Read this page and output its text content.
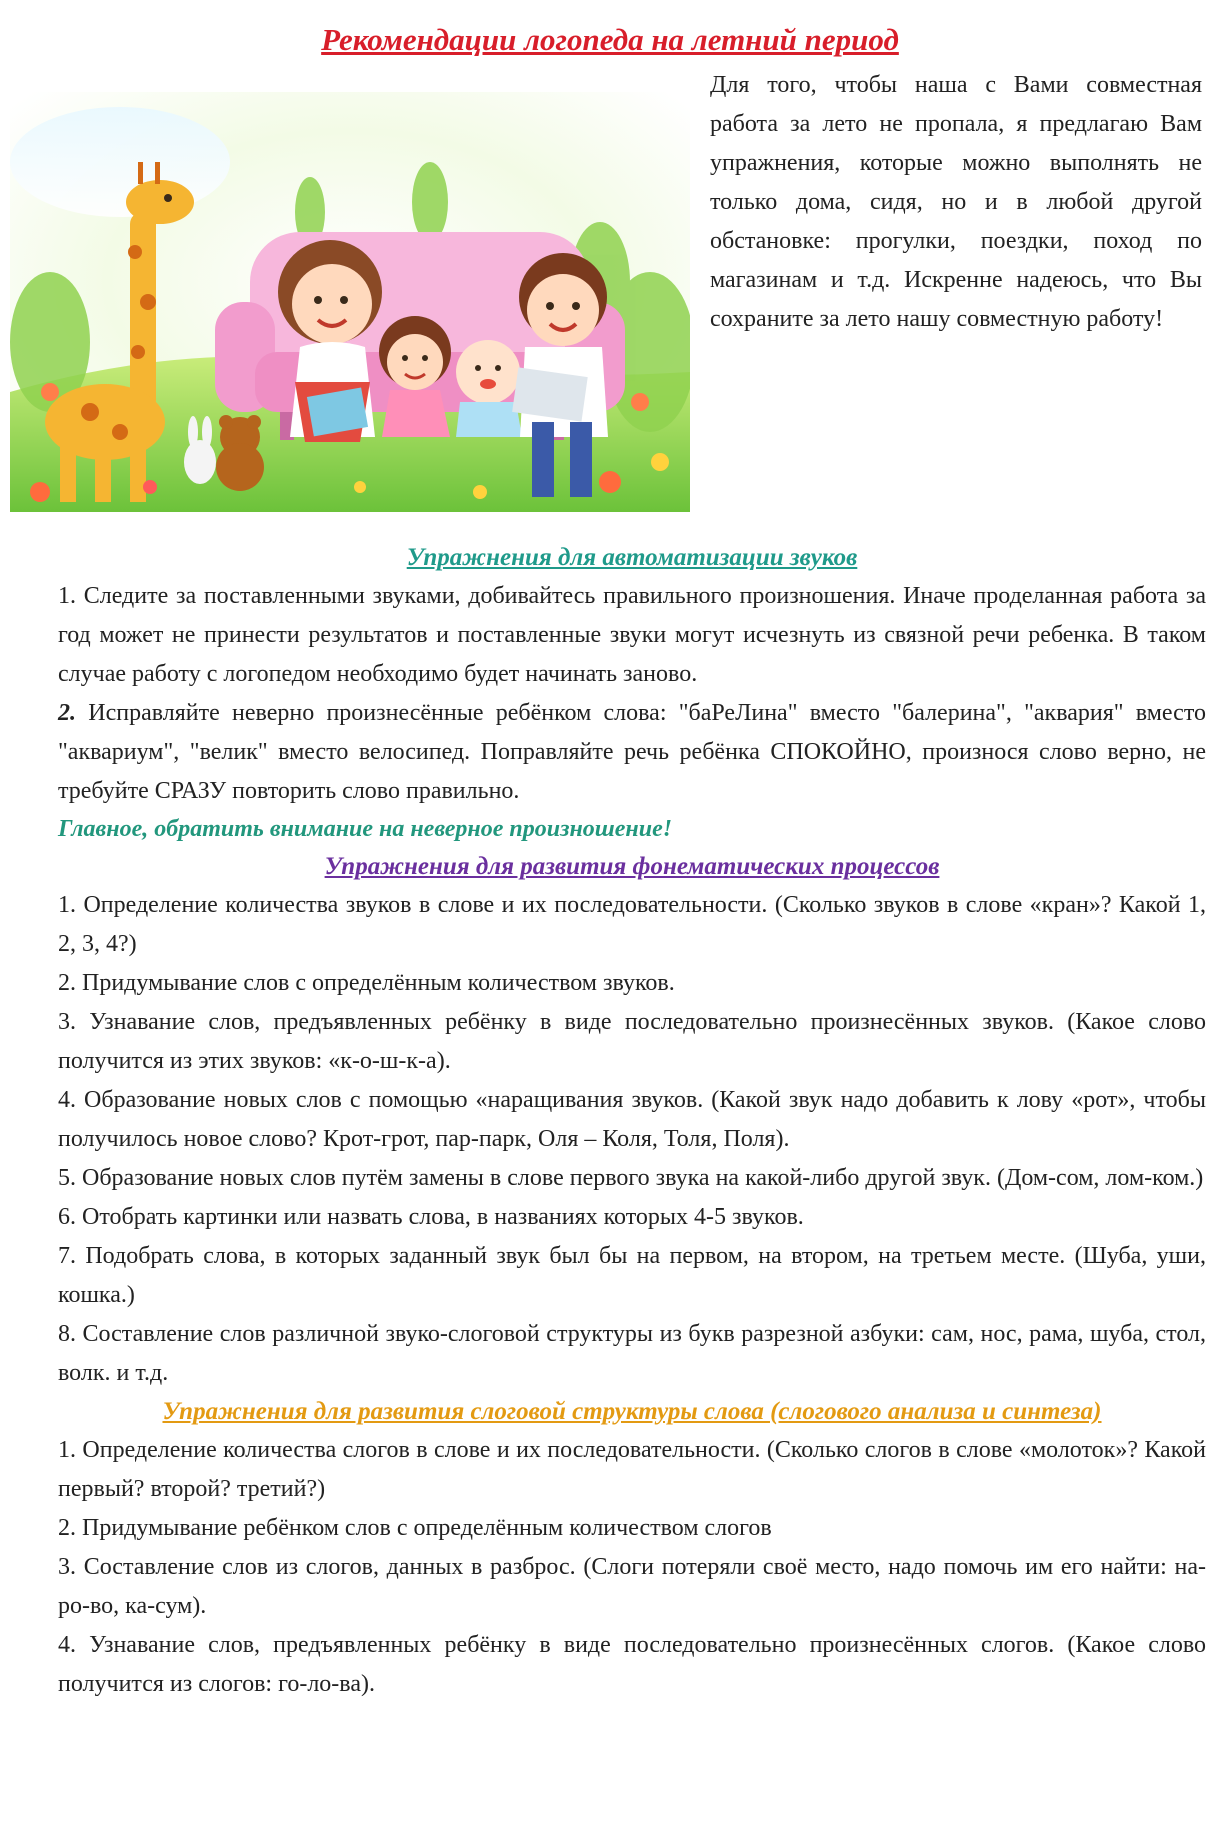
Рекомендации логопеда на летний период

Для того, чтобы наша с Вами совместная работа за лето не пропала, я предлагаю Вам упражнения, которые можно выполнять не только дома, сидя, но и в любой другой обстановке: прогулки, поездки, поход по магазинам и т.д. Искренне надеюсь, что Вы сохраните за лето нашу совместную работу!

Упражнения для автоматизации звуков

1. Следите за поставленными звуками, добивайтесь правильного произношения. Иначе проделанная работа за год может не принести результатов и поставленные звуки могут исчезнуть из связной речи ребенка. В таком случае работу с логопедом необходимо будет начинать заново.

2. Исправляйте неверно произнесённые ребёнком слова: "баРеЛина" вместо "балерина", "аквария" вместо "аквариум", "велик" вместо велосипед. Поправляйте речь ребёнка СПОКОЙНО, произнося слово верно, не требуйте СРАЗУ повторить слово правильно.

Главное, обратить внимание на неверное произношение!

Упражнения для развития фонематических процессов

1. Определение количества звуков в слове и их последовательности. (Сколько звуков в слове «кран»? Какой 1, 2, 3, 4?)

2. Придумывание слов с определённым количеством звуков.

3. Узнавание слов, предъявленных ребёнку в виде последовательно произнесённых звуков. (Какое слово получится из этих звуков: «к-о-ш-к-а).

4. Образование новых слов с помощью «наращивания звуков. (Какой звук надо добавить к лову «рот», чтобы получилось новое слово? Крот-грот, пар-парк, Оля – Коля, Толя, Поля).

5. Образование новых слов путём замены в слове первого звука на какой-либо другой звук. (Дом-сом, лом-ком.)

6. Отобрать картинки или назвать слова, в названиях которых 4-5 звуков.

7. Подобрать слова, в которых заданный звук был бы на первом, на втором, на третьем месте. (Шуба, уши, кошка.)

8. Составление слов различной звуко-слоговой структуры из букв разрезной азбуки: сам, нос, рама, шуба, стол, волк. и т.д.

Упражнения для развития слоговой структуры слова (слогового анализа и синтеза)

1. Определение количества слогов в слове и их последовательности. (Сколько слогов в слове «молоток»? Какой первый? второй? третий?)

2. Придумывание ребёнком слов с определённым количеством слогов

3. Составление слов из слогов, данных в разброс. (Слоги потеряли своё место, надо помочь им его найти: на-ро-во, ка-сум).

4. Узнавание слов, предъявленных ребёнку в виде последовательно произнесённых слогов. (Какое слово получится из слогов: го-ло-ва).
